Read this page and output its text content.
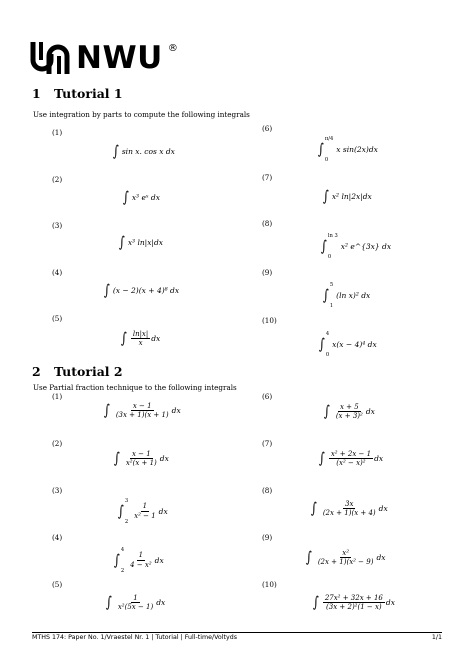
NWU ®
1 Tutorial 1
Use integration by parts to compute the following integrals
(1)
∫ sin x. cos x dx
(2)
∫ x³ eˣ dx
(3)
∫ x³ ln|x|dx
(4)
∫ (x − 2)(x + 4)⁸ dx
(5)
∫ $\frac{\ln|x|}{x}$ dx
(6)
∫
π/4
0
x sin(2x)dx
(7)
∫ x² ln|2x|dx
(8)
∫
ln 3
0
x² e^{3x} dx
(9)
∫
5
1
(ln x)² dx
(10)
∫
4
0
x(x − 4)⁴ dx
2 Tutorial 2
Use Partial fraction technique to the following integrals
(1)
∫ $\frac{x - 1}{(3x + 1)(x + 1)}$ dx
(2)
∫ $\frac{x - 1}{\text{x²(x + 1)}}$ dx
(3)
∫
3
2
$\frac{1}{\text{x² − 1}}$ dx
(4)
∫
4
2
$\frac{1}{\text{4 − x²}}$ dx
(5)
∫ $\frac{1}{\text{x²(5x − 1)}}$ dx
(6)
∫ $\frac{x + 5}{\text{(x + 3)²}}$ dx
(7)
∫ $\frac{\text{x² + 2x − 1}}{\text{(x² − x)²}}$ dx
(8)
∫ $\frac{3x}{(2x + 1)(x + 4)}$ dx
(9)
∫ $\frac{\text{x²}}{\text{(2x + 1)(x² − 9)}}$ dx
(10)
∫ $\frac{\text{27x² + 32x + 16}}{\text{(3x + 2)²(1 − x)}}$ dx
MTHS 174: Paper No. 1/Vraestel Nr. 1 | Tutorial | Full-time/Voltyds	1/1
